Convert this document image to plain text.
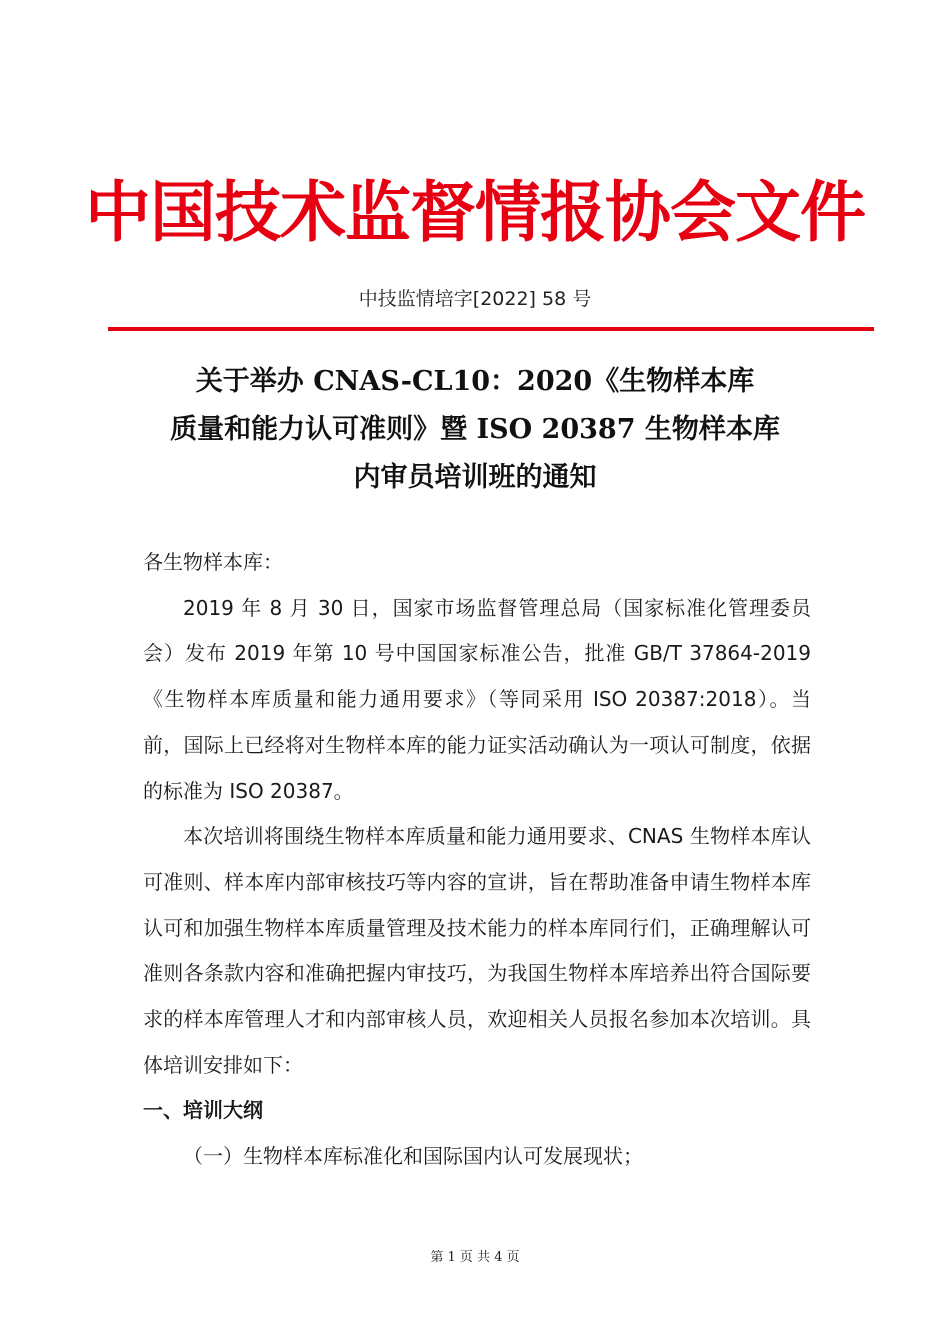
中国技术监督情报协会文件
中技监情培字[2022] 58 号
关于举办 CNAS-CL10：2020《生物样本库
质量和能力认可准则》暨 ISO 20387 生物样本库
内审员培训班的通知

各生物样本库：

2019 年 8 月 30 日，国家市场监督管理总局（国家标准化管理委员会）发布 2019 年第 10 号中国国家标准公告，批准 GB/T 37864-2019 《生物样本库质量和能力通用要求》（等同采用 ISO 20387:2018）。当前，国际上已经将对生物样本库的能力证实活动确认为一项认可制度，依据的标准为 ISO 20387。

本次培训将围绕生物样本库质量和能力通用要求、CNAS 生物样本库认可准则、样本库内部审核技巧等内容的宣讲，旨在帮助准备申请生物样本库认可和加强生物样本库质量管理及技术能力的样本库同行们，正确理解认可准则各条款内容和准确把握内审技巧，为我国生物样本库培养出符合国际要求的样本库管理人才和内部审核人员，欢迎相关人员报名参加本次培训。具体培训安排如下：

一、培训大纲

（一）生物样本库标准化和国际国内认可发展现状；

第 1 页 共 4 页
